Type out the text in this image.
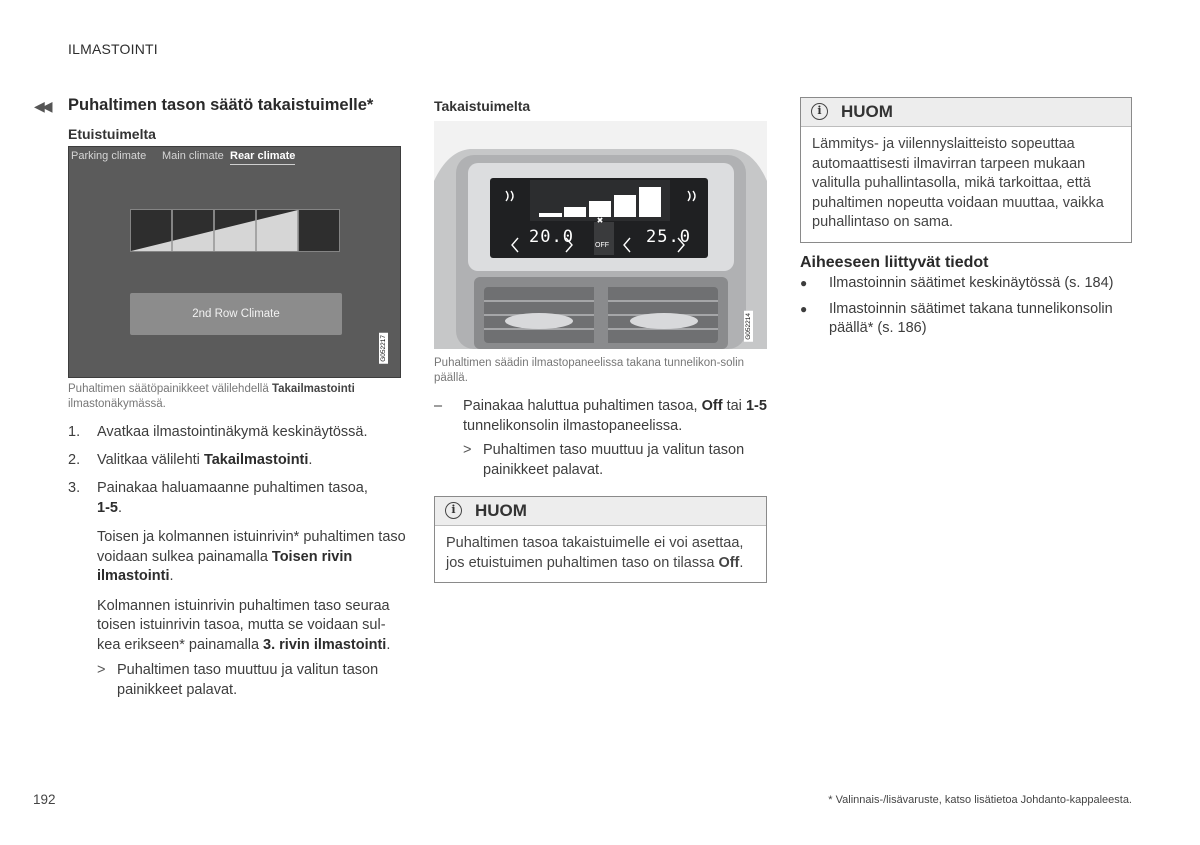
ILMASTOINTI
◀◀ Puhaltimen tason säätö takaistuimelle*
Etuistuimelta
Parking climate Main climate Rear climate
2nd Row Climate
G052217
Puhaltimen säätöpainikkeet välilehdellä Takailmastointi
ilmastonäkymässä.
1. Avatkaa ilmastointinäkymä keskinäytössä.
2. Valitkaa välilehti Takailmastointi.
3. Painakaa haluamaanne puhaltimen tasoa,
1-5.
Toisen ja kolmannen istuinrivin* puhaltimen taso voidaan sulkea painamalla Toisen rivin ilmastointi.
Kolmannen istuinrivin puhaltimen taso seuraa toisen istuinrivin tasoa, mutta se voidaan sul-kea erikseen* painamalla 3. rivin ilmastointi.
> Puhaltimen taso muuttuu ja valitun tason painikkeet palavat.
Takaistuimelta
✖
20.0	25.0
OFF
G052214
Puhaltimen säädin ilmastopaneelissa takana tunnelikon-solin päällä.
– Painakaa haluttua puhaltimen tasoa, Off tai 1-5 tunnelikonsolin ilmastopaneelissa.
> Puhaltimen taso muuttuu ja valitun tason painikkeet palavat.
i	HUOM
Puhaltimen tasoa takaistuimelle ei voi asettaa, jos etuistuimen puhaltimen taso on tilassa Off.
i	HUOM
Lämmitys- ja viilennyslaitteisto sopeuttaa automaattisesti ilmavirran tarpeen mukaan valitulla puhallintasolla, mikä tarkoittaa, että puhaltimen nopeutta voidaan muuttaa, vaikka puhallintaso on sama.
Aiheeseen liittyvät tiedot
● Ilmastoinnin säätimet keskinäytössä (s. 184)
● Ilmastoinnin säätimet takana tunnelikonsolin päällä* (s. 186)
192	* Valinnais-/lisävaruste, katso lisätietoa Johdanto-kappaleesta.
